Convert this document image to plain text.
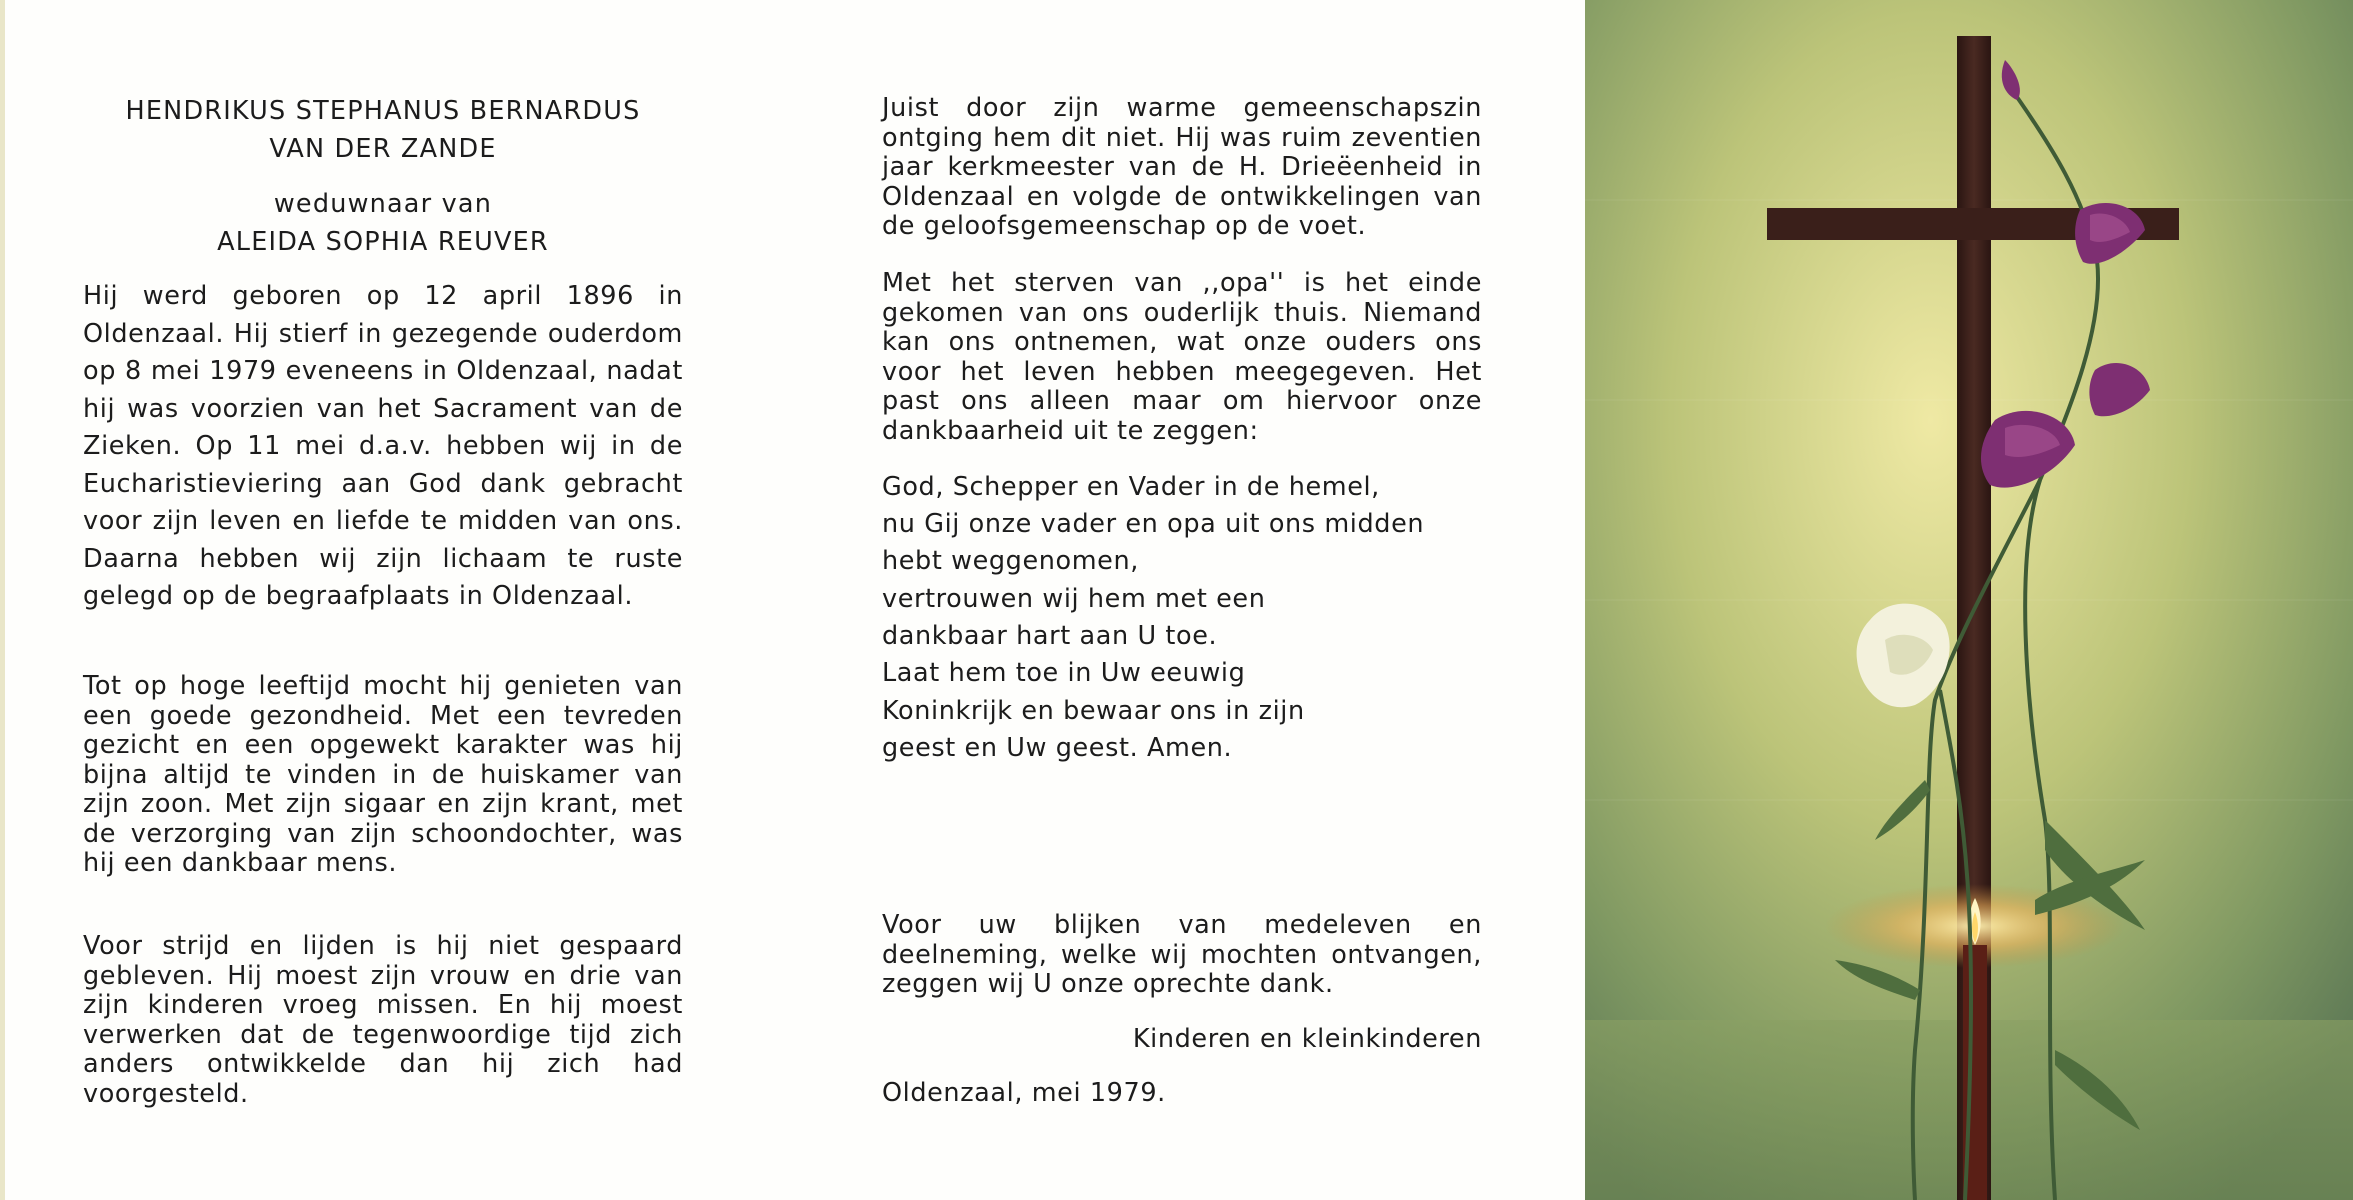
HENDRIKUS STEPHANUS BERNARDUS
VAN DER ZANDE
weduwnaar van
ALEIDA SOPHIA REUVER

Hij werd geboren op 12 april 1896 in Oldenzaal. Hij stierf in gezegende ouderdom op 8 mei 1979 eveneens in Oldenzaal, nadat hij was voorzien van het Sacrament van de Zieken. Op 11 mei d.a.v. hebben wij in de Eucharistieviering aan God dank gebracht voor zijn leven en liefde te midden van ons. Daarna hebben wij zijn lichaam te ruste gelegd op de begraafplaats in Oldenzaal.

Tot op hoge leeftijd mocht hij genieten van een goede gezondheid. Met een tevreden gezicht en een opgewekt karakter was hij bijna altijd te vinden in de huiskamer van zijn zoon. Met zijn sigaar en zijn krant, met de verzorging van zijn schoondochter, was hij een dankbaar mens.

Voor strijd en lijden is hij niet gespaard gebleven. Hij moest zijn vrouw en drie van zijn kinderen vroeg missen. En hij moest verwerken dat de tegenwoordige tijd zich anders ontwikkelde dan hij zich had voorgesteld.

Juist door zijn warme gemeenschapszin ontging hem dit niet. Hij was ruim zeventien jaar kerkmeester van de H. Drieëenheid in Oldenzaal en volgde de ontwikkelingen van de geloofsgemeenschap op de voet.

Met het sterven van ,,opa'' is het einde gekomen van ons ouderlijk thuis. Niemand kan ons ontnemen, wat onze ouders ons voor het leven hebben meegegeven. Het past ons alleen maar om hiervoor onze dankbaarheid uit te zeggen:

God, Schepper en Vader in de hemel,
nu Gij onze vader en opa uit ons midden
hebt weggenomen,
vertrouwen wij hem met een
dankbaar hart aan U toe.
Laat hem toe in Uw eeuwig
Koninkrijk en bewaar ons in zijn
geest en Uw geest. Amen.

Voor uw blijken van medeleven en deelneming, welke wij mochten ontvangen, zeggen wij U onze oprechte dank.

Kinderen en kleinkinderen
Oldenzaal, mei 1979.
